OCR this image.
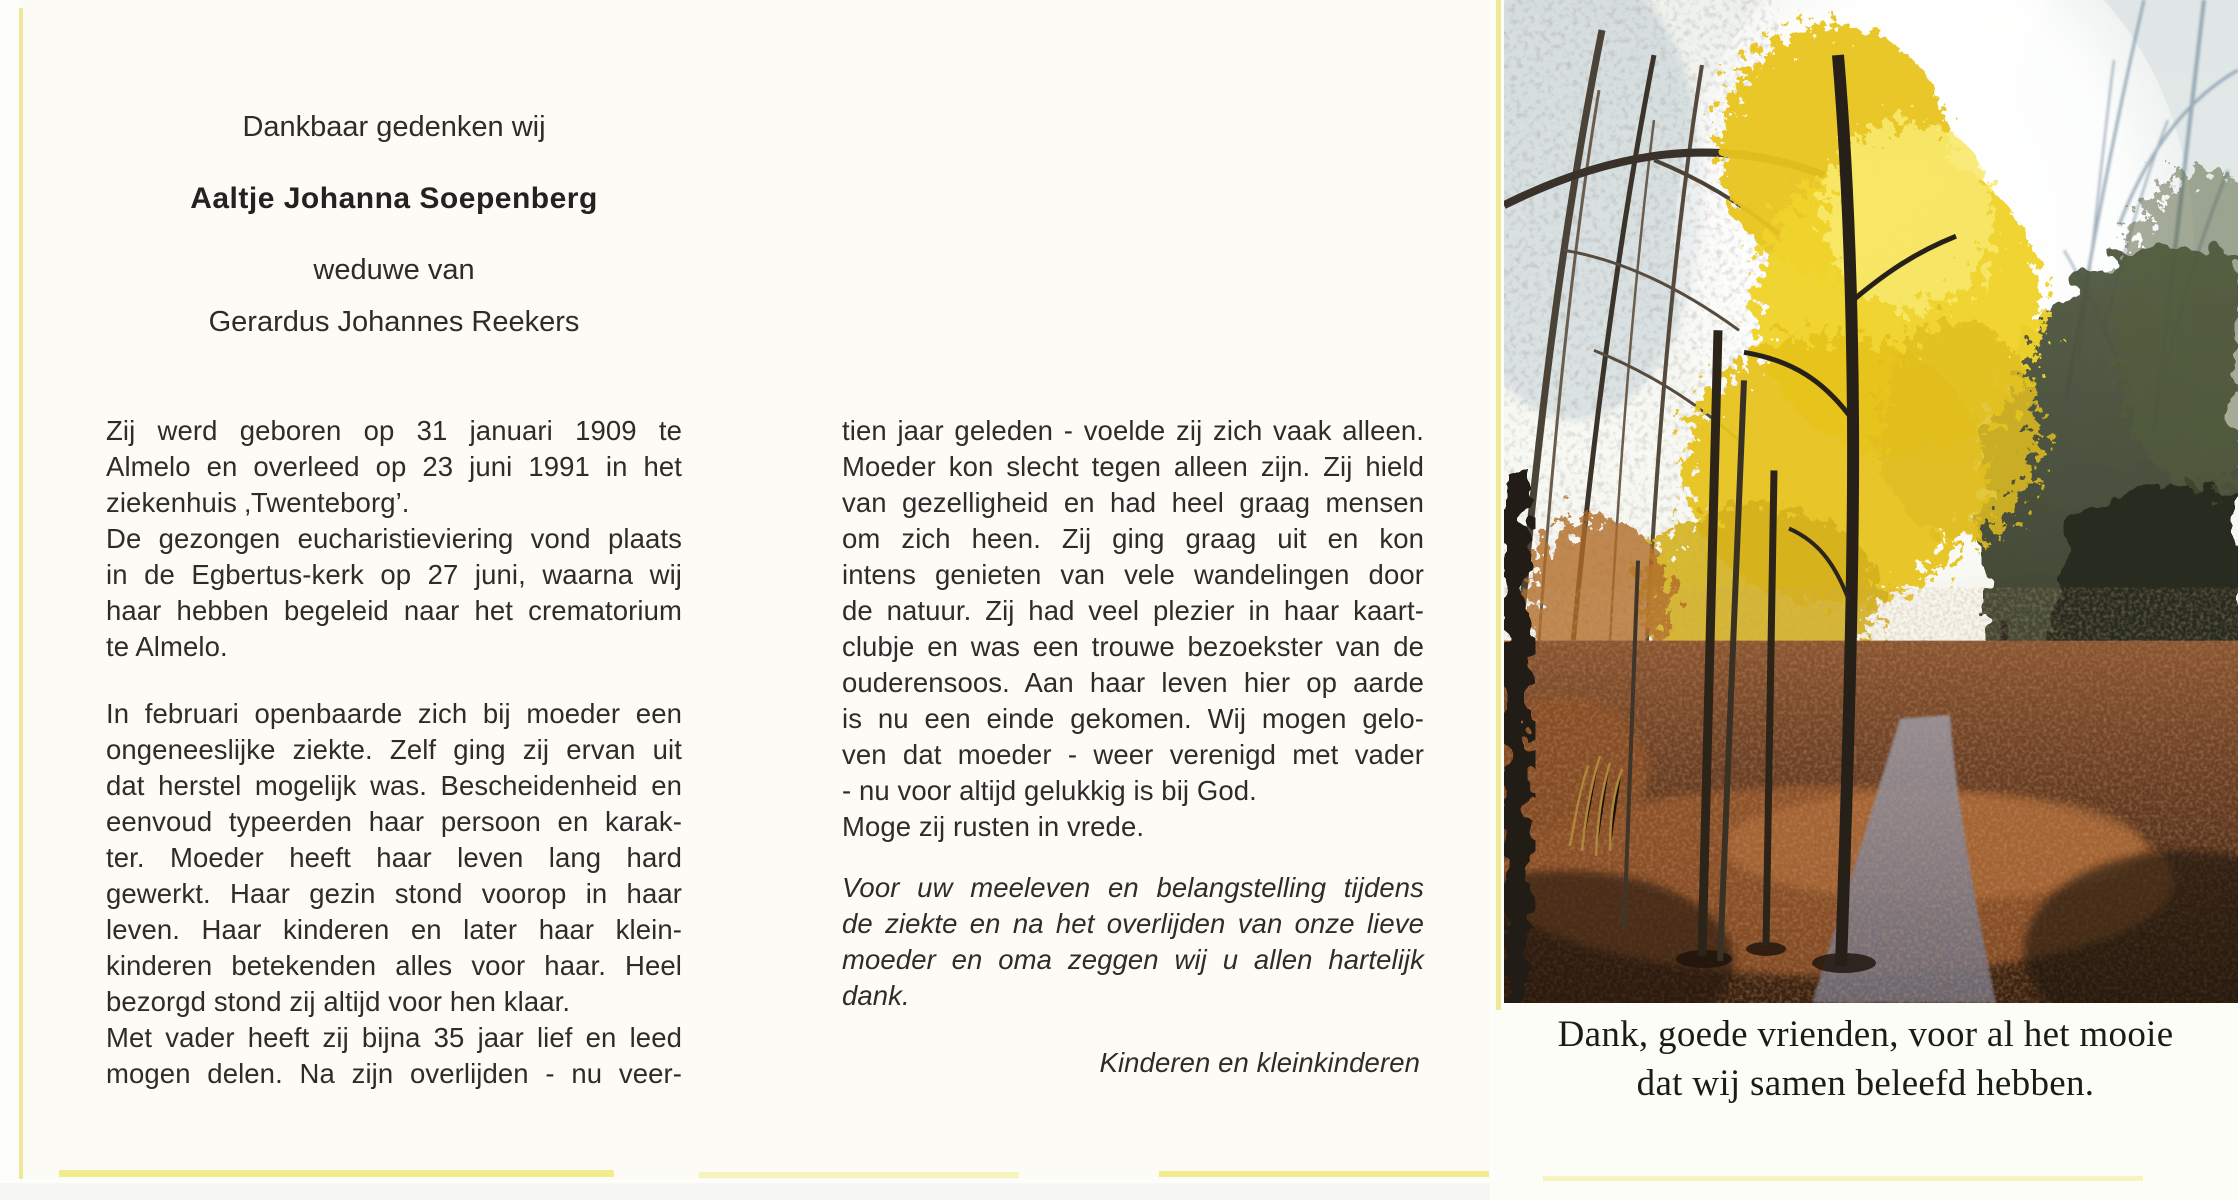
Dankbaar gedenken wij
Aaltje Johanna Soepenberg
weduwe van
Gerardus Johannes Reekers
Zij werd geboren op 31 januari 1909 te
Almelo en overleed op 23 juni 1991 in het
ziekenhuis ‚Twenteborg’.
De gezongen eucharistieviering vond plaats
in de Egbertus-kerk op 27 juni, waarna wij
haar hebben begeleid naar het crematorium
te Almelo.
In februari openbaarde zich bij moeder een
ongeneeslijke ziekte. Zelf ging zij ervan uit
dat herstel mogelijk was. Bescheidenheid en
eenvoud typeerden haar persoon en karak-
ter. Moeder heeft haar leven lang hard
gewerkt. Haar gezin stond voorop in haar
leven. Haar kinderen en later haar klein-
kinderen betekenden alles voor haar. Heel
bezorgd stond zij altijd voor hen klaar.
Met vader heeft zij bijna 35 jaar lief en leed
mogen delen. Na zijn overlijden - nu veer-
tien jaar geleden - voelde zij zich vaak alleen.
Moeder kon slecht tegen alleen zijn. Zij hield
van gezelligheid en had heel graag mensen
om zich heen. Zij ging graag uit en kon
intens genieten van vele wandelingen door
de natuur. Zij had veel plezier in haar kaart-
clubje en was een trouwe bezoekster van de
ouderensoos. Aan haar leven hier op aarde
is nu een einde gekomen. Wij mogen gelo-
ven dat moeder - weer verenigd met vader
- nu voor altijd gelukkig is bij God.
Moge zij rusten in vrede.
Voor uw meeleven en belangstelling tijdens
de ziekte en na het overlijden van onze lieve
moeder en oma zeggen wij u allen hartelijk
dank.
Kinderen en kleinkinderen
Dank, goede vrienden, voor al het mooie
dat wij samen beleefd hebben.
